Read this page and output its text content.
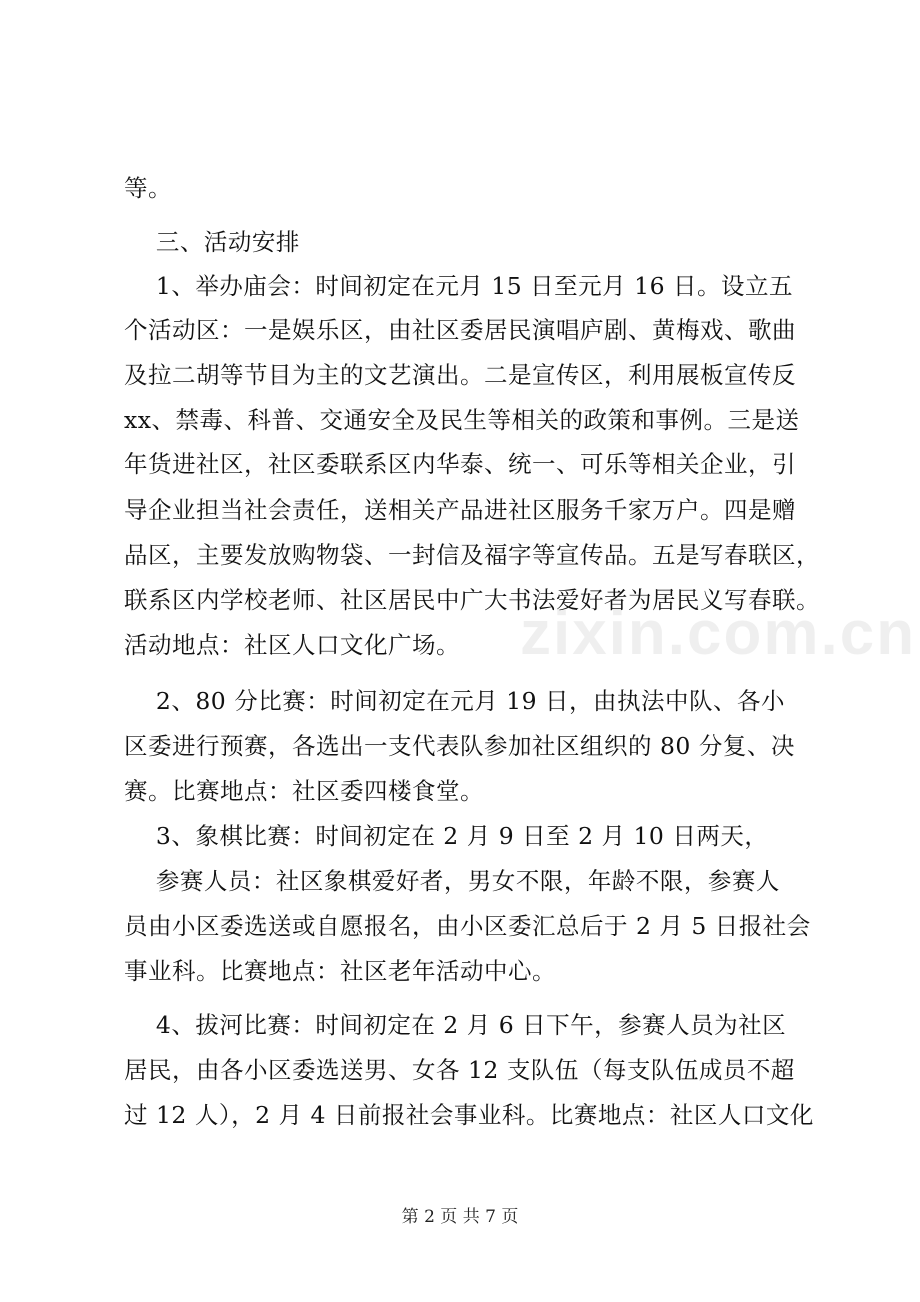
等。
三、活动安排
1、举办庙会：时间初定在元月 15 日至元月 16 日。设立五
个活动区：一是娱乐区，由社区委居民演唱庐剧、黄梅戏、歌曲
及拉二胡等节目为主的文艺演出。二是宣传区，利用展板宣传反
xx、禁毒、科普、交通安全及民生等相关的政策和事例。三是送
年货进社区，社区委联系区内华泰、统一、可乐等相关企业，引
导企业担当社会责任，送相关产品进社区服务千家万户。四是赠
品区，主要发放购物袋、一封信及福字等宣传品。五是写春联区，
联系区内学校老师、社区居民中广大书法爱好者为居民义写春联。
活动地点：社区人口文化广场。
2、80 分比赛：时间初定在元月 19 日，由执法中队、各小
区委进行预赛，各选出一支代表队参加社区组织的 80 分复、决
赛。比赛地点：社区委四楼食堂。
3、象棋比赛：时间初定在 2 月 9 日至 2 月 10 日两天，
参赛人员：社区象棋爱好者，男女不限，年龄不限，参赛人
员由小区委选送或自愿报名，由小区委汇总后于 2 月 5 日报社会
事业科。比赛地点：社区老年活动中心。
4、拔河比赛：时间初定在 2 月 6 日下午，参赛人员为社区
居民，由各小区委选送男、女各 12 支队伍（每支队伍成员不超
过 12 人），2 月 4 日前报社会事业科。比赛地点：社区人口文化
zixin.com.cn
第 2 页 共 7 页
